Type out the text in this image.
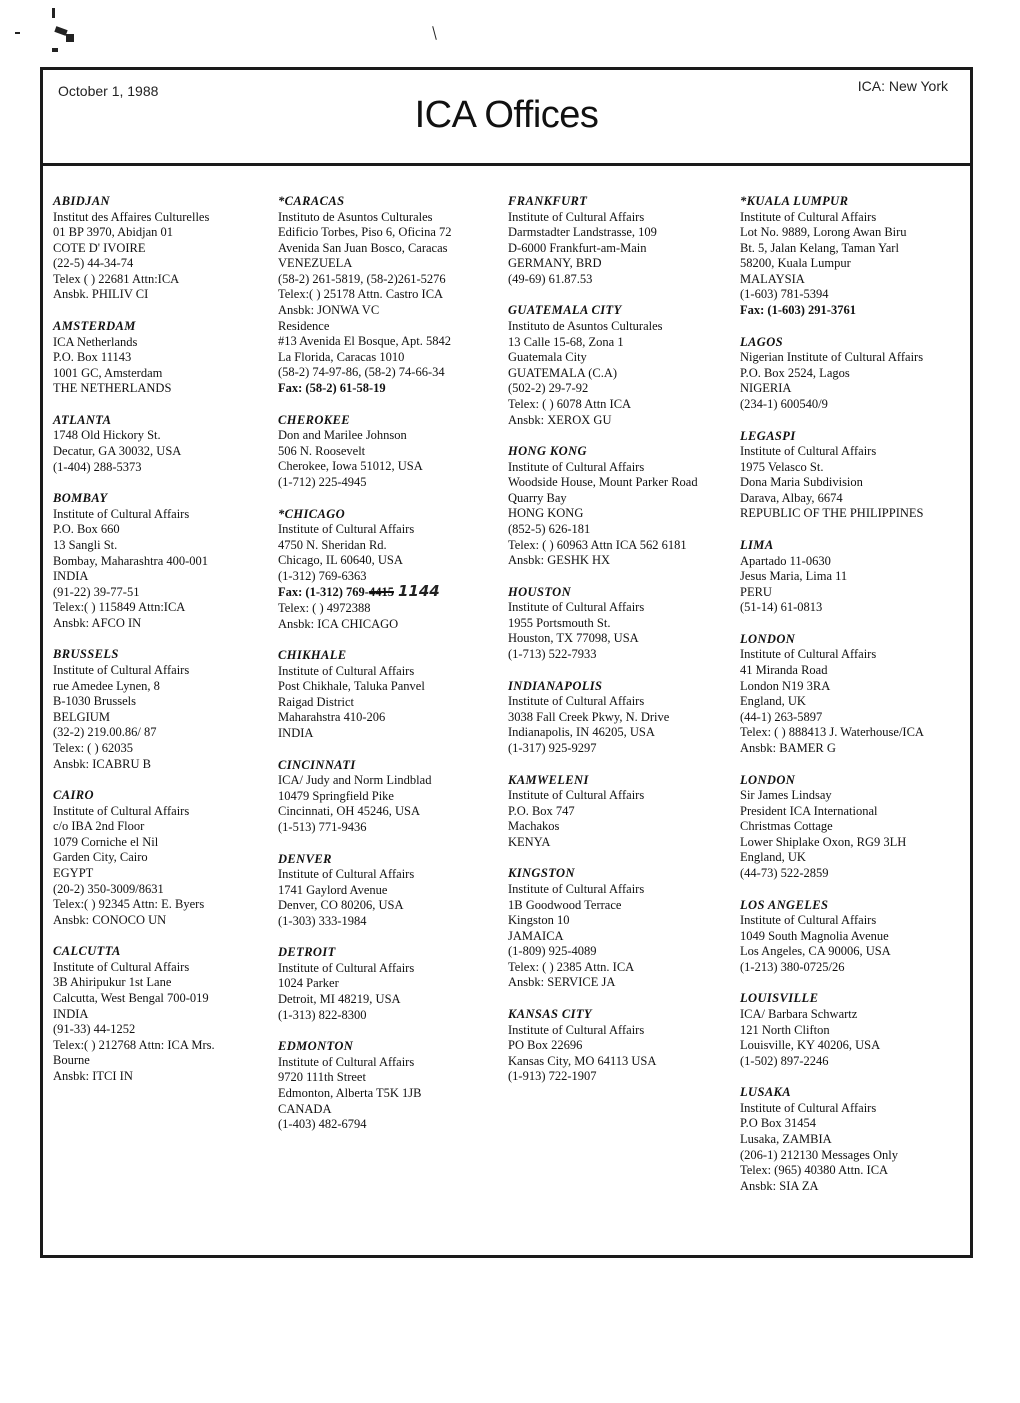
October 1, 1988
ICA Offices
ICA: New York
ABIDJAN
Institut des Affaires Culturelles
01 BP 3970, Abidjan 01
COTE D' IVOIRE
(22-5) 44-34-74
Telex ( ) 22681 Attn:ICA
Ansbk. PHILIV CI
AMSTERDAM
ICA Netherlands
P.O. Box 11143
1001 GC, Amsterdam
THE NETHERLANDS
ATLANTA
1748 Old Hickory St.
Decatur, GA 30032, USA
(1-404) 288-5373
BOMBAY
Institute of Cultural Affairs
P.O. Box 660
13 Sangli St.
Bombay, Maharashtra 400-001
INDIA
(91-22) 39-77-51
Telex:( ) 115849 Attn:ICA
Ansbk: AFCO IN
BRUSSELS
Institute of Cultural Affairs
rue Amedee Lynen, 8
B-1030 Brussels
BELGIUM
(32-2) 219.00.86/ 87
Telex: ( ) 62035
Ansbk: ICABRU B
CAIRO
Institute of Cultural Affairs
c/o IBA 2nd Floor
1079 Corniche el Nil
Garden City, Cairo
EGYPT
(20-2) 350-3009/8631
Telex:( ) 92345 Attn: E. Byers
Ansbk: CONOCO UN
CALCUTTA
Institute of Cultural Affairs
3B Ahiripukur 1st Lane
Calcutta, West Bengal 700-019
INDIA
(91-33) 44-1252
Telex:( ) 212768 Attn: ICA Mrs.
Bourne
Ansbk: ITCI IN
*CARACAS
Instituto de Asuntos Culturales
Edificio Torbes, Piso 6, Oficina 72
Avenida San Juan Bosco, Caracas
VENEZUELA
(58-2) 261-5819, (58-2)261-5276
Telex:( ) 25178 Attn. Castro ICA
Ansbk: JONWA VC
Residence
#13 Avenida El Bosque, Apt. 5842
La Florida, Caracas 1010
(58-2) 74-97-86, (58-2) 74-66-34
Fax: (58-2) 61-58-19
CHEROKEE
Don and Marilee Johnson
506 N. Roosevelt
Cherokee, Iowa 51012, USA
(1-712) 225-4945
*CHICAGO
Institute of Cultural Affairs
4750 N. Sheridan Rd.
Chicago, IL 60640, USA
(1-312) 769-6363
Fax: (1-312) 769-4415 1144
Telex: ( ) 4972388
Ansbk: ICA CHICAGO
CHIKHALE
Institute of Cultural Affairs
Post Chikhale, Taluka Panvel
Raigad District
Maharahstra 410-206
INDIA
CINCINNATI
ICA/ Judy and Norm Lindblad
10479 Springfield Pike
Cincinnati, OH 45246, USA
(1-513) 771-9436
DENVER
Institute of Cultural Affairs
1741 Gaylord Avenue
Denver, CO 80206, USA
(1-303) 333-1984
DETROIT
Institute of Cultural Affairs
1024 Parker
Detroit, MI 48219, USA
(1-313) 822-8300
EDMONTON
Institute of Cultural Affairs
9720 111th Street
Edmonton, Alberta T5K 1JB
CANADA
(1-403) 482-6794
FRANKFURT
Institute of Cultural Affairs
Darmstadter Landstrasse, 109
D-6000 Frankfurt-am-Main
GERMANY, BRD
(49-69) 61.87.53
GUATEMALA CITY
Instituto de Asuntos Culturales
13 Calle 15-68, Zona 1
Guatemala City
GUATEMALA (C.A)
(502-2) 29-7-92
Telex: ( ) 6078 Attn ICA
Ansbk: XEROX GU
HONG KONG
Institute of Cultural Affairs
Woodside House, Mount Parker Road
Quarry Bay
HONG KONG
(852-5) 626-181
Telex: ( ) 60963 Attn ICA 562 6181
Ansbk: GESHK HX
HOUSTON
Institute of Cultural Affairs
1955 Portsmouth St.
Houston, TX 77098, USA
(1-713) 522-7933
INDIANAPOLIS
Institute of Cultural Affairs
3038 Fall Creek Pkwy, N. Drive
Indianapolis, IN 46205, USA
(1-317) 925-9297
KAMWELENI
Institute of Cultural Affairs
P.O. Box 747
Machakos
KENYA
KINGSTON
Institute of Cultural Affairs
1B Goodwood Terrace
Kingston 10
JAMAICA
(1-809) 925-4089
Telex: ( ) 2385 Attn. ICA
Ansbk: SERVICE JA
KANSAS CITY
Institute of Cultural Affairs
PO Box 22696
Kansas City, MO 64113 USA
(1-913) 722-1907
*KUALA LUMPUR
Institute of Cultural Affairs
Lot No. 9889, Lorong Awan Biru
Bt. 5, Jalan Kelang, Taman Yarl
58200, Kuala Lumpur
MALAYSIA
(1-603) 781-5394
Fax: (1-603) 291-3761
LAGOS
Nigerian Institute of Cultural Affairs
P.O. Box 2524, Lagos
NIGERIA
(234-1) 600540/9
LEGASPI
Institute of Cultural Affairs
1975 Velasco St.
Dona Maria Subdivision
Darava, Albay, 6674
REPUBLIC OF THE PHILIPPINES
LIMA
Apartado 11-0630
Jesus Maria, Lima 11
PERU
(51-14) 61-0813
LONDON
Institute of Cultural Affairs
41 Miranda Road
London N19 3RA
England, UK
(44-1) 263-5897
Telex: ( ) 888413 J. Waterhouse/ICA
Ansbk: BAMER G
LONDON
Sir James Lindsay
President ICA International
Christmas Cottage
Lower Shiplake Oxon, RG9 3LH
England, UK
(44-73) 522-2859
LOS ANGELES
Institute of Cultural Affairs
1049 South Magnolia Avenue
Los Angeles, CA 90006, USA
(1-213) 380-0725/26
LOUISVILLE
ICA/ Barbara Schwartz
121 North Clifton
Louisville, KY 40206, USA
(1-502) 897-2246
LUSAKA
Institute of Cultural Affairs
P.O Box 31454
Lusaka, ZAMBIA
(206-1) 212130 Messages Only
Telex: (965) 40380 Attn. ICA
Ansbk: SIA ZA
